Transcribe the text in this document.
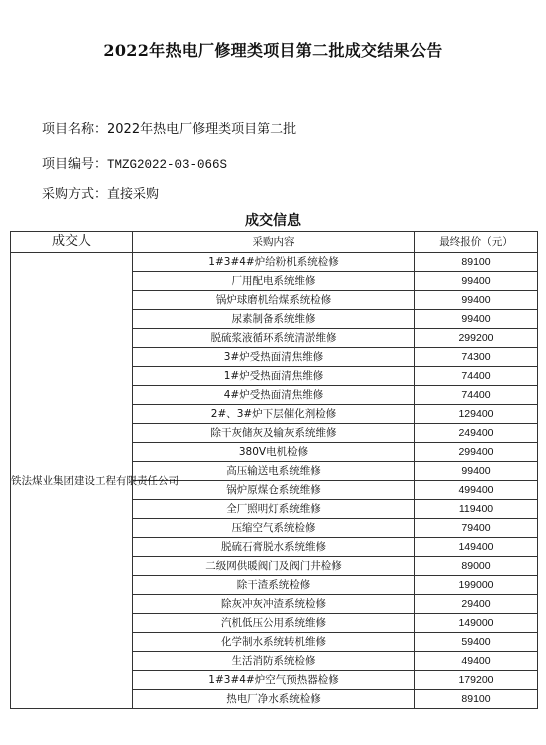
2022年热电厂修理类项目第二批成交结果公告
项目名称：2022年热电厂修理类项目第二批
项目编号：TMZG2022-03-066S
采购方式：直接采购
成交信息
成交人	采购内容	最终报价（元）
铁法煤业集团建设工程有限责任公司	1#3#4#炉给粉机系统检修	89100
	厂用配电系统维修	99400
	锅炉球磨机给煤系统检修	99400
	尿素制备系统维修	99400
	脱硫浆液循环系统清淤维修	299200
	3#炉受热面清焦维修	74300
	1#炉受热面清焦维修	74400
	4#炉受热面清焦维修	74400
	2#、3#炉下层催化剂检修	129400
	除干灰储灰及输灰系统维修	249400
	380V电机检修	299400
	高压输送电系统维修	99400
	锅炉原煤仓系统维修	499400
	全厂照明灯系统维修	119400
	压缩空气系统检修	79400
	脱硫石膏脱水系统维修	149400
	二级网供暖阀门及阀门井检修	89000
	除干渣系统检修	199000
	除灰冲灰冲渣系统检修	29400
	汽机低压公用系统维修	149000
	化学制水系统转机维修	59400
	生活消防系统检修	49400
	1#3#4#炉空气预热器检修	179200
	热电厂净水系统检修	89100
